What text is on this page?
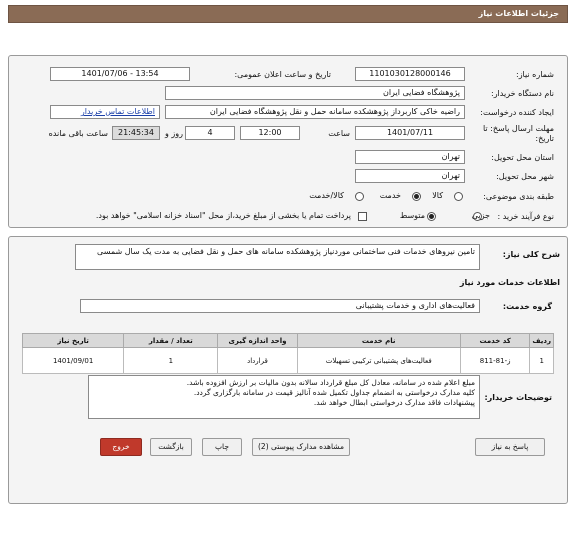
جزئیات اطلاعات نیاز
شماره نیاز:
1101030128000146
تاریخ و ساعت اعلان عمومی:
1401/07/06 - 13:54
نام دستگاه خریدار:
پژوهشگاه فضایی ایران
ایجاد کننده درخواست:
راضیه خاکی کاربرداز پژوهشکده سامانه حمل و نقل پژوهشگاه فضایی ایران
اطلاعات تماس خریدار
مهلت ارسال پاسخ: تا
تاریخ:
1401/07/11
ساعت
12:00
4
روز و
21:45:34
ساعت باقی مانده
استان محل تحویل:
تهران
شهر محل تحویل:
تهران
طبقه بندی موضوعی:
کالا
خدمت
کالا/خدمت
نوع فرآیند خرید :
جزیی
متوسط
پرداخت تمام یا بخشی از مبلغ خرید،از محل "اسناد خزانه اسلامی" خواهد بود.
شرح کلی نیاز:
تامین نیروهای خدمات فنی ساختمانی موردنیاز پژوهشکده سامانه های حمل و نقل فضایی به مدت یک سال شمسی
اطلاعات خدمات مورد نیاز
گروه خدمت:
فعالیت‌های اداری و خدمات پشتیبانی
ردیف	کد خدمت	نام خدمت	واحد اندازه گیری	تعداد / مقدار	تاریخ نیاز
1	ز-81-811	فعالیت‌های پشتیبانی ترکیبی تسهیلات	قرارداد	1	1401/09/01
توضیحات خریدار:
مبلغ اعلام شده در سامانه، معادل کل مبلغ قرارداد سالانه بدون مالیات بر ارزش افزوده باشد.
کلیه مدارک درخواستی به انضمام جداول تکمیل شده آنالیز قیمت در سامانه بارگزاری گردد.
پیشنهادات فاقد مدارک درخواستی ابطال خواهد شد.
پاسخ به نیاز
مشاهده مدارک پیوستی (2)
چاپ
بازگشت
خروج
